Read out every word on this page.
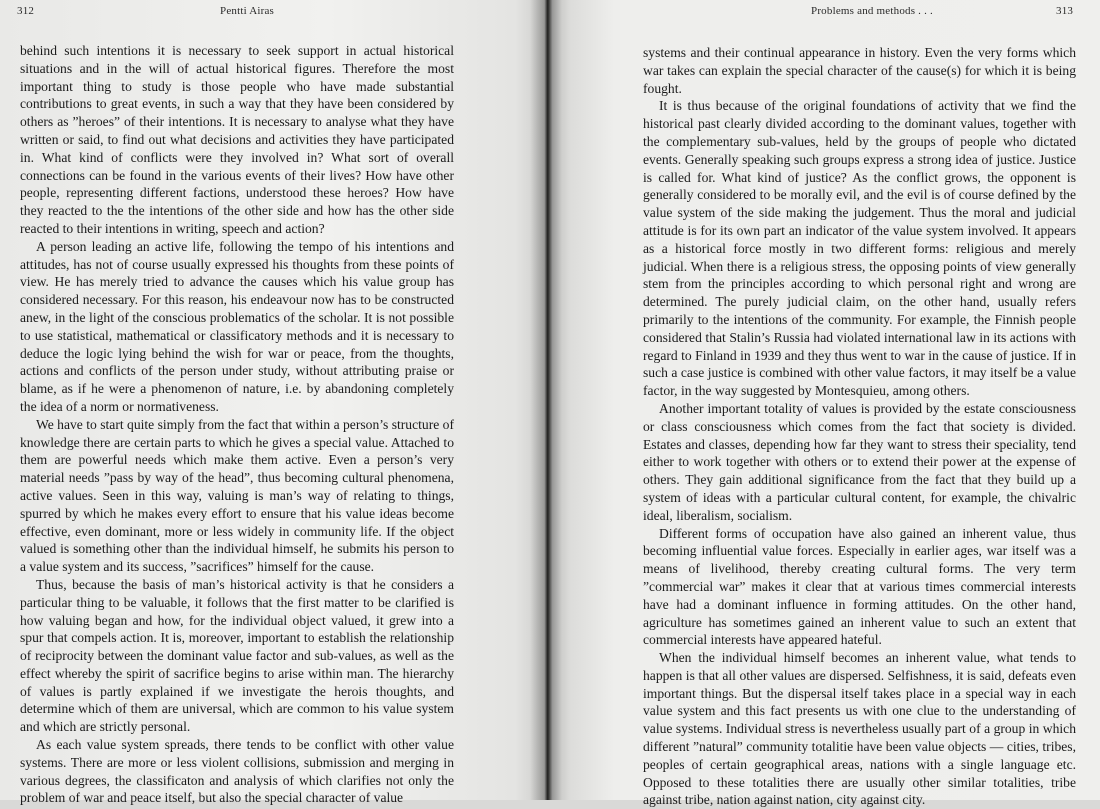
312	Pentti Airas

behind such intentions it is necessary to seek support in actual historical situations and in the will of actual historical figures. Therefore the most important thing to study is those people who have made substantial contributions to great events, in such a way that they have been considered by others as ”heroes” of their intentions. It is necessary to analyse what they have written or said, to find out what decisions and activities they have participated in. What kind of conflicts were they involved in? What sort of overall connections can be found in the various events of their lives? How have other people, representing different factions, understood these heroes? How have they reacted to the the intentions of the other side and how has the other side reacted to their intentions in writing, speech and action?

A person leading an active life, following the tempo of his intentions and attitudes, has not of course usually expressed his thoughts from these points of view. He has merely tried to advance the causes which his value group has considered necessary. For this reason, his endeavour now has to be constructed anew, in the light of the conscious problematics of the scholar. It is not possible to use statistical, mathematical or classificatory methods and it is necessary to deduce the logic lying behind the wish for war or peace, from the thoughts, actions and conflicts of the person under study, without attributing praise or blame, as if he were a phenomenon of nature, i.e. by abandoning completely the idea of a norm or normativeness.

We have to start quite simply from the fact that within a person’s structure of knowledge there are certain parts to which he gives a special value. Attached to them are powerful needs which make them active. Even a person’s very material needs ”pass by way of the head”, thus becoming cultural phenomena, active values. Seen in this way, valuing is man’s way of relating to things, spurred by which he makes every effort to ensure that his value ideas become effective, even dominant, more or less widely in community life. If the object valued is something other than the individual himself, he submits his person to a value system and its success, ”sacrifices” himself for the cause.

Thus, because the basis of man’s historical activity is that he considers a particular thing to be valuable, it follows that the first matter to be clarified is how valuing began and how, for the individual object valued, it grew into a spur that compels action. It is, moreover, important to establish the relationship of reciprocity between the dominant value factor and sub-values, as well as the effect whereby the spirit of sacrifice begins to arise within man. The hierarchy of values is partly explained if we investigate the herois thoughts, and determine which of them are universal, which are common to his value system and which are strictly personal.

As each value system spreads, there tends to be conflict with other value systems. There are more or less violent collisions, submission and merging in various degrees, the classificaton and analysis of which clarifies not only the problem of war and peace itself, but also the special character of value

Problems and methods . . .	313

systems and their continual appearance in history. Even the very forms which war takes can explain the special character of the cause(s) for which it is being fought.

It is thus because of the original foundations of activity that we find the historical past clearly divided according to the dominant values, together with the complementary sub-values, held by the groups of people who dictated events. Generally speaking such groups express a strong idea of justice. Justice is called for. What kind of justice? As the conflict grows, the opponent is generally considered to be morally evil, and the evil is of course defined by the value system of the side making the judgement. Thus the moral and judicial attitude is for its own part an indicator of the value system involved. It appears as a historical force mostly in two different forms: religious and merely judicial. When there is a religious stress, the opposing points of view generally stem from the principles according to which personal right and wrong are determined. The purely judicial claim, on the other hand, usually refers primarily to the intentions of the community. For example, the Finnish people considered that Stalin’s Russia had violated international law in its actions with regard to Finland in 1939 and they thus went to war in the cause of justice. If in such a case justice is combined with other value factors, it may itself be a value factor, in the way suggested by Montesquieu, among others.

Another important totality of values is provided by the estate consciousness or class consciousness which comes from the fact that society is divided. Estates and classes, depending how far they want to stress their speciality, tend either to work together with others or to extend their power at the expense of others. They gain additional significance from the fact that they build up a system of ideas with a particular cultural content, for example, the chivalric ideal, liberalism, socialism.

Different forms of occupation have also gained an inherent value, thus becoming influential value forces. Especially in earlier ages, war itself was a means of livelihood, thereby creating cultural forms. The very term ”commercial war” makes it clear that at various times commercial interests have had a dominant influence in forming attitudes. On the other hand, agriculture has sometimes gained an inherent value to such an extent that commercial interests have appeared hateful.

When the individual himself becomes an inherent value, what tends to happen is that all other values are dispersed. Selfishness, it is said, defeats even important things. But the dispersal itself takes place in a special way in each value system and this fact presents us with one clue to the understanding of value systems. Individual stress is nevertheless usually part of a group in which different ”natural” community totalitie have been value objects — cities, tribes, peoples of certain geographical areas, nations with a single language etc. Opposed to these totalities there are usually other similar totalities, tribe against tribe, nation against nation, city against city.
